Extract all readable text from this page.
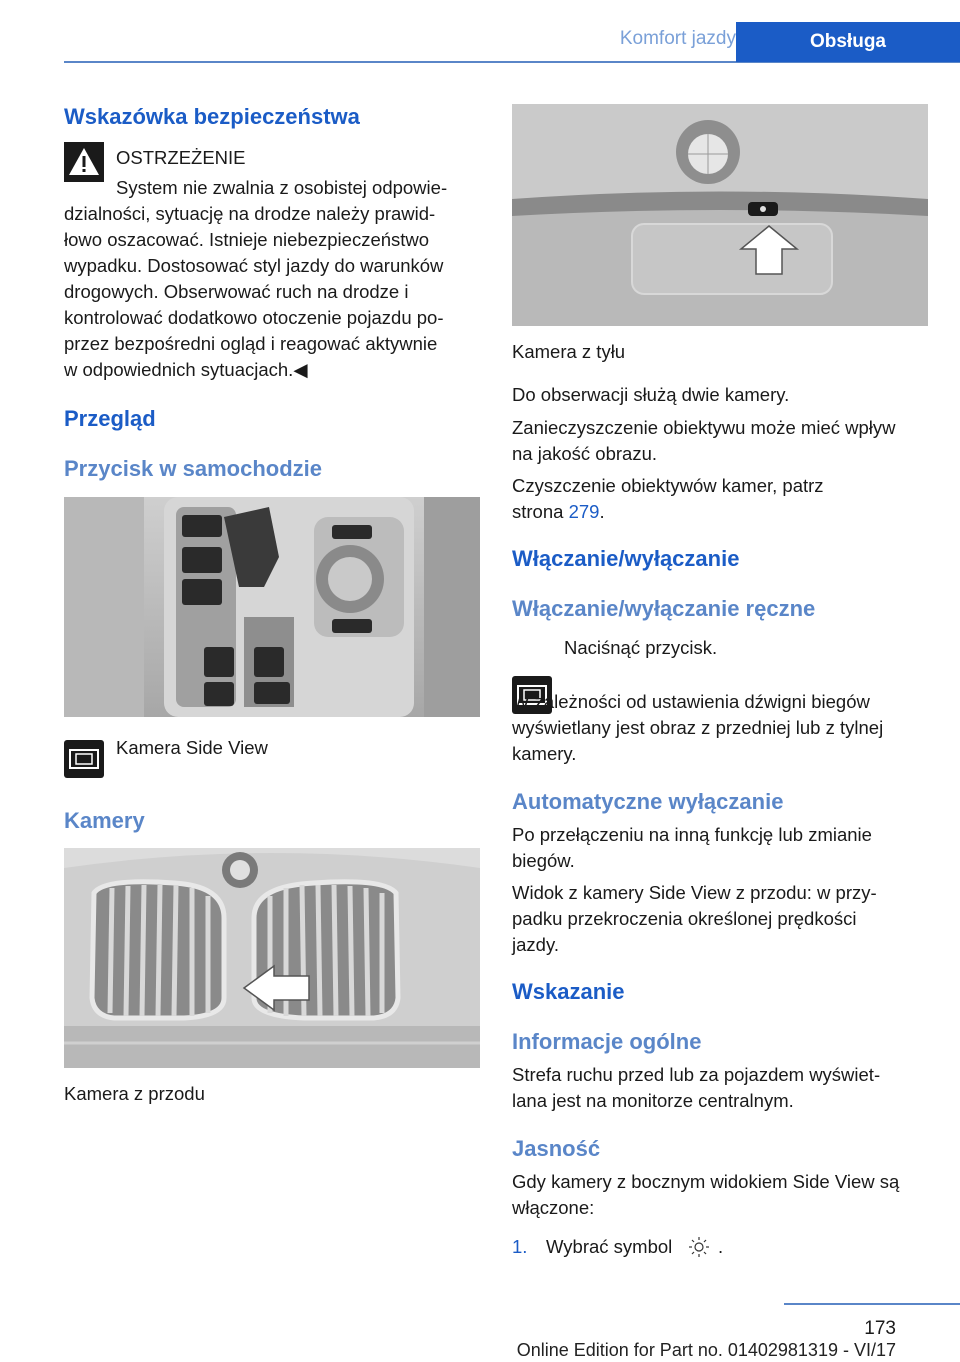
Komfort jazdy	Obsługa
Wskazówka bezpieczeństwa
OSTRZEŻENIE
System nie zwalnia z osobistej odpowie‐
dzialności, sytuację na drodze należy prawid‐
łowo oszacować. Istnieje niebezpieczeństwo
wypadku. Dostosować styl jazdy do warunków
drogowych. Obserwować ruch na drodze i
kontrolować dodatkowo otoczenie pojazdu po‐
przez bezpośredni ogląd i reagować aktywnie
w odpowiednich sytuacjach.◀
Przegląd
Przycisk w samochodzie
Kamera Side View
Kamery
Kamera z przodu
Kamera z tyłu
Do obserwacji służą dwie kamery.
Zanieczyszczenie obiektywu może mieć wpływ
na jakość obrazu.
Czyszczenie obiektywów kamer, patrz
strona 279.
Włączanie/wyłączanie
Włączanie/wyłączanie ręczne
Naciśnąć przycisk.
W zależności od ustawienia dźwigni biegów
wyświetlany jest obraz z przedniej lub z tylnej
kamery.
Automatyczne wyłączanie
Po przełączeniu na inną funkcję lub zmianie
biegów.
Widok z kamery Side View z przodu: w przy‐
padku przekroczenia określonej prędkości
jazdy.
Wskazanie
Informacje ogólne
Strefa ruchu przed lub za pojazdem wyświet‐
lana jest na monitorze centralnym.
Jasność
Gdy kamery z bocznym widokiem Side View są
włączone:
1. Wybrać symbol .
173
Online Edition for Part no. 01402981319 - VI/17
